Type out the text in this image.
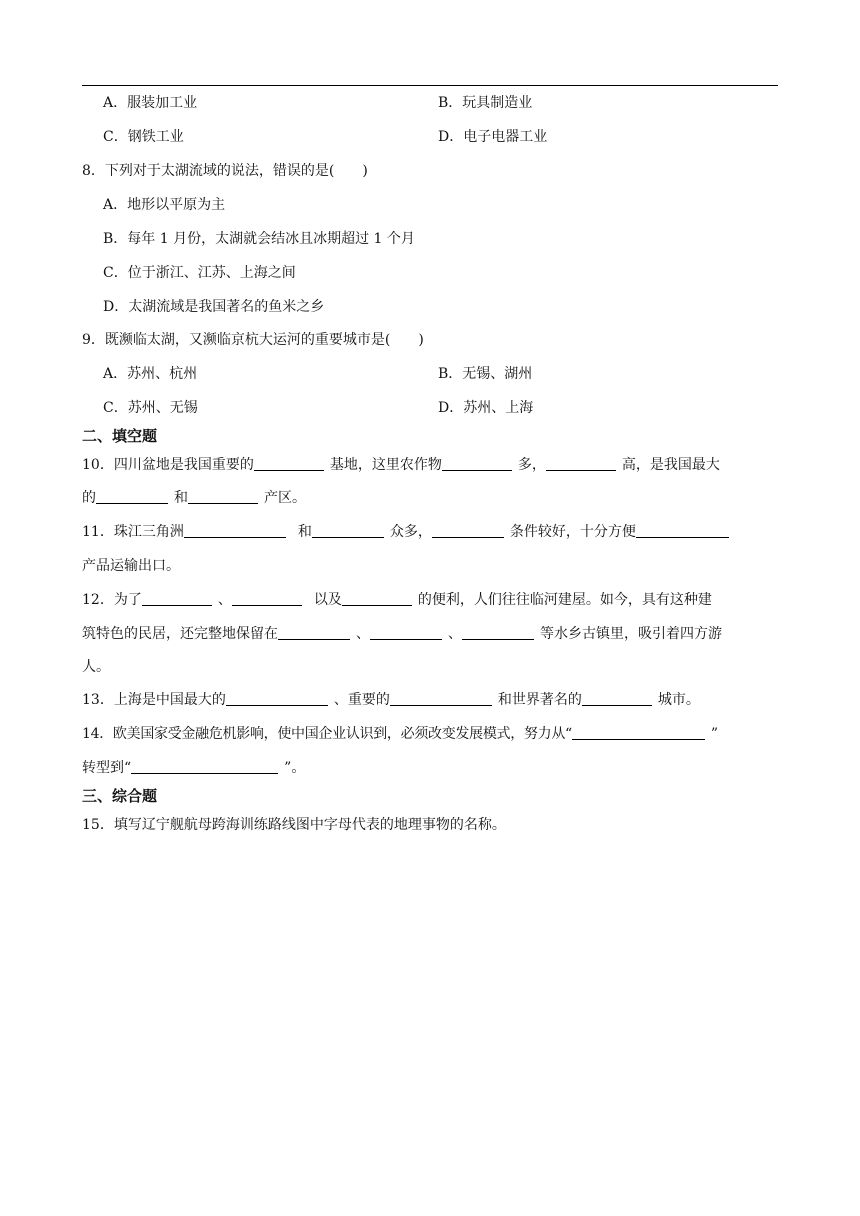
A．服装加工业	B．玩具制造业
C．钢铁工业	D．电子电器工业
8．下列对于太湖流域的说法，错误的是(　　)
A．地形以平原为主
B．每年 1 月份，太湖就会结冰且冰期超过 1 个月
C．位于浙江、江苏、上海之间
D．太湖流域是我国著名的鱼米之乡
9．既濒临太湖，又濒临京杭大运河的重要城市是(　　)
A．苏州、杭州	B．无锡、湖州
C．苏州、无锡	D．苏州、上海
二、填空题
10．四川盆地是我国重要的	基地，这里农作物	多，	高，是我国最大
的	和	产区。
11．珠江三角洲	和	众多，	条件较好，十分方便
产品运输出口。
12．为了	、	以及	的便利，人们往往临河建屋。如今，具有这种建
筑特色的民居，还完整地保留在	、	、	等水乡古镇里，吸引着四方游
人。
13．上海是中国最大的	、重要的	和世界著名的	城市。
14．欧美国家受金融危机影响，使中国企业认识到，必须改变发展模式，努力从“	”
转型到“	”。
三、综合题
15．填写辽宁舰航母跨海训练路线图中字母代表的地理事物的名称。
